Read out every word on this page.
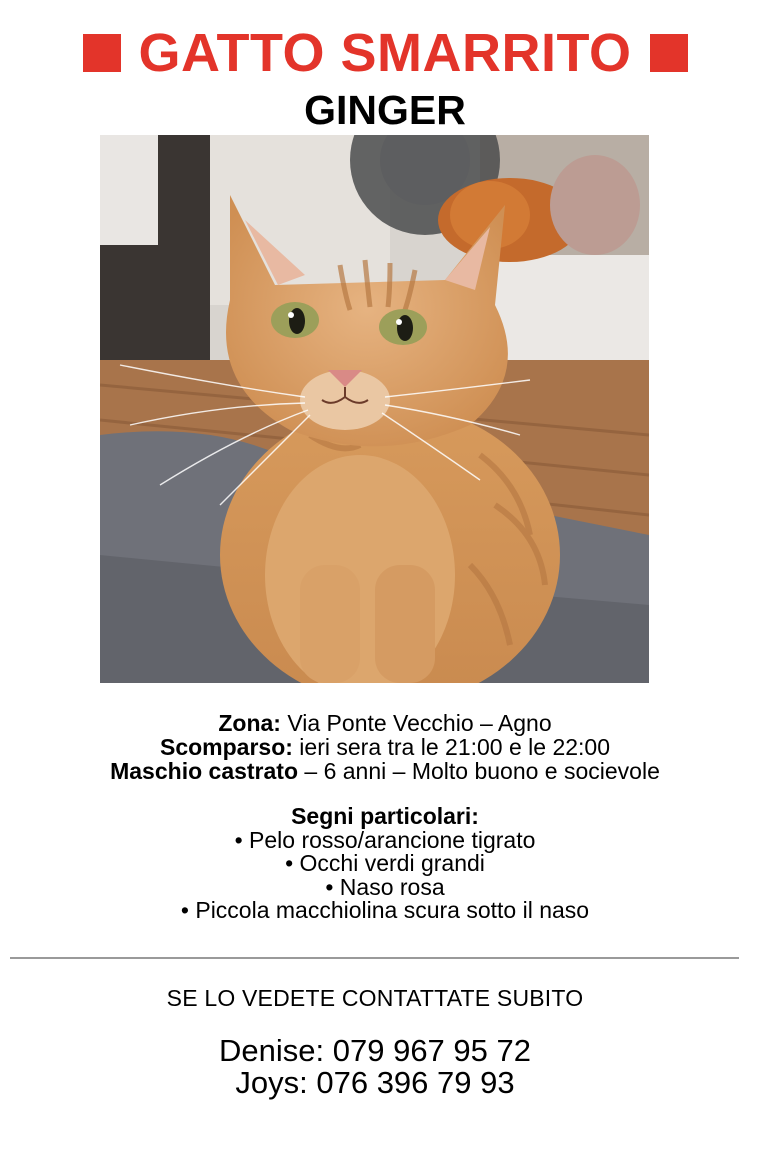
GATTO SMARRITO
GINGER
Zona: Via Ponte Vecchio – Agno
Scomparso: ieri sera tra le 21:00 e le 22:00
Maschio castrato – 6 anni – Molto buono e socievole
Segni particolari:
• Pelo rosso/arancione tigrato
• Occhi verdi grandi
• Naso rosa
• Piccola macchiolina scura sotto il naso
SE LO VEDETE CONTATTATE SUBITO
Denise: 079 967 95 72
Joys: 076 396 79 93
